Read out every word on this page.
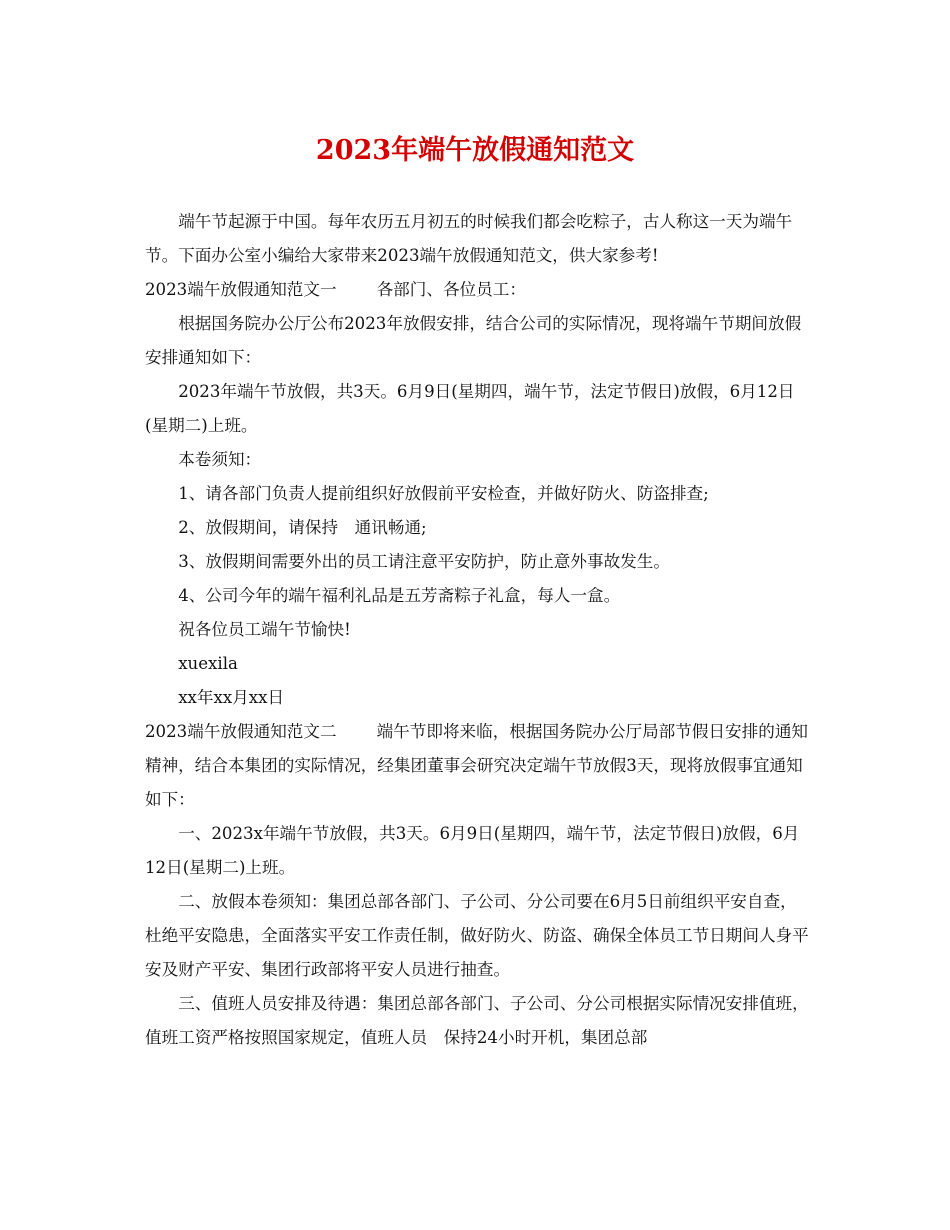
2023年端午放假通知范文

端午节起源于中国。每年农历五月初五的时候我们都会吃粽子，古人称这一天为端午节。下面办公室小编给大家带来2023端午放假通知范文，供大家参考!

2023端午放假通知范文一 各部门、各位员工：

根据国务院办公厅公布2023年放假安排，结合公司的实际情况，现将端午节期间放假安排通知如下：

2023年端午节放假，共3天。6月9日(星期四，端午节，法定节假日)放假，6月12日(星期二)上班。

本卷须知：

1、请各部门负责人提前组织好放假前平安检查，并做好防火、防盗排查;

2、放假期间，请保持　通讯畅通;

3、放假期间需要外出的员工请注意平安防护，防止意外事故发生。

4、公司今年的端午福利礼品是五芳斋粽子礼盒，每人一盒。

祝各位员工端午节愉快!

xuexila

xx年xx月xx日

2023端午放假通知范文二 端午节即将来临，根据国务院办公厅局部节假日安排的通知精神，结合本集团的实际情况，经集团董事会研究决定端午节放假3天，现将放假事宜通知如下：

一、2023x年端午节放假，共3天。6月9日(星期四，端午节，法定节假日)放假，6月12日(星期二)上班。

二、放假本卷须知：集团总部各部门、子公司、分公司要在6月5日前组织平安自查，杜绝平安隐患，全面落实平安工作责任制，做好防火、防盗、确保全体员工节日期间人身平安及财产平安、集团行政部将平安人员进行抽查。

三、值班人员安排及待遇：集团总部各部门、子公司、分公司根据实际情况安排值班，值班工资严格按照国家规定，值班人员　保持24小时开机，集团总部
